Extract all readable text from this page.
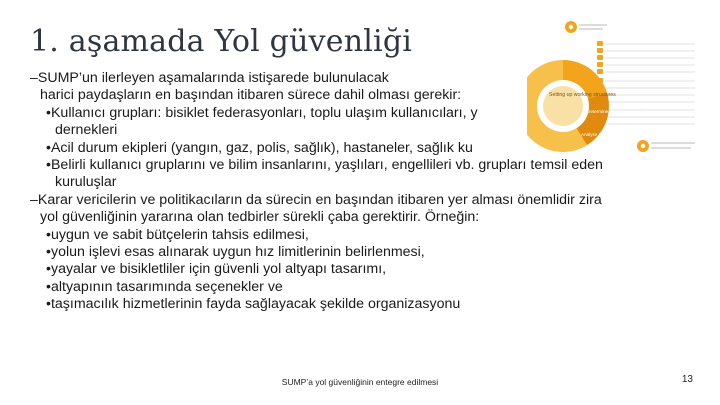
1. aşamada Yol güvenliği
Setting up working structures
Determine planning framework
Analyse mobility situation
–SUMP’un ilerleyen aşamalarında istişarede bulunulacak
harici paydaşların en başından itibaren sürece dahil olması gerekir:
•Kullanıcı grupları: bisiklet federasyonları, toplu ulaşım kullanıcıları, y
dernekleri
•Acil durum ekipleri (yangın, gaz, polis, sağlık), hastaneler, sağlık ku
•Belirli kullanıcı gruplarını ve bilim insanlarını, yaşlıları, engellileri vb. grupları temsil eden
kuruluşlar
–Karar vericilerin ve politikacıların da sürecin en başından itibaren yer alması önemlidir zira
yol güvenliğinin yararına olan tedbirler sürekli çaba gerektirir. Örneğin:
•uygun ve sabit bütçelerin tahsis edilmesi,
•yolun işlevi esas alınarak uygun hız limitlerinin belirlenmesi,
•yayalar ve bisikletliler için güvenli yol altyapı tasarımı,
•altyapının tasarımında seçenekler ve
•taşımacılık hizmetlerinin fayda sağlayacak şekilde organizasyonu
SUMP’a yol güvenliğinin entegre edilmesi	13
